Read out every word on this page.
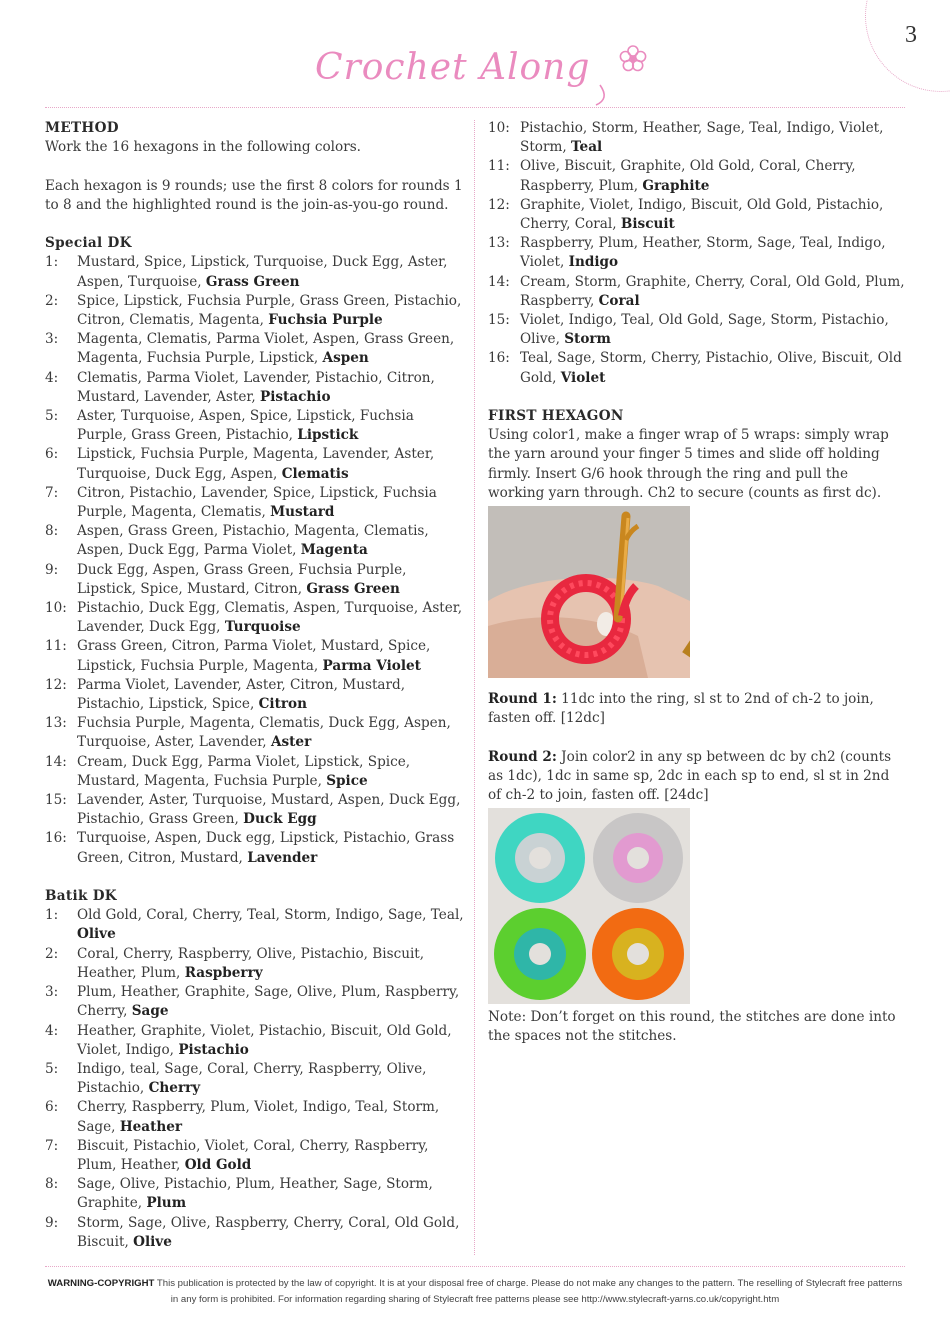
3
Crochet Along
METHOD

Work the 16 hexagons in the following colors.

Each hexagon is 9 rounds; use the first 8 colors for rounds 1 to 8 and the highlighted round is the join-as-you-go round.

Special DK
1:	Mustard, Spice, Lipstick, Turquoise, Duck Egg, Aster, Aspen, Turquoise, Grass Green
2:	Spice, Lipstick, Fuchsia Purple, Grass Green, Pistachio, Citron, Clematis, Magenta, Fuchsia Purple
3:	Magenta, Clematis, Parma Violet, Aspen, Grass Green, Magenta, Fuchsia Purple, Lipstick, Aspen
4:	Clematis, Parma Violet, Lavender, Pistachio, Citron, Mustard, Lavender, Aster, Pistachio
5:	Aster, Turquoise, Aspen, Spice, Lipstick, Fuchsia Purple, Grass Green, Pistachio, Lipstick
6:	Lipstick, Fuchsia Purple, Magenta, Lavender, Aster, Turquoise, Duck Egg, Aspen, Clematis
7:	Citron, Pistachio, Lavender, Spice, Lipstick, Fuchsia Purple, Magenta, Clematis, Mustard
8:	Aspen, Grass Green, Pistachio, Magenta, Clematis, Aspen, Duck Egg, Parma Violet, Magenta
9:	Duck Egg, Aspen, Grass Green, Fuchsia Purple, Lipstick, Spice, Mustard, Citron, Grass Green
10: Pistachio, Duck Egg, Clematis, Aspen, Turquoise, Aster, Lavender, Duck Egg, Turquoise
11: Grass Green, Citron, Parma Violet, Mustard, Spice, Lipstick, Fuchsia Purple, Magenta, Parma Violet
12: Parma Violet, Lavender, Aster, Citron, Mustard, Pistachio, Lipstick, Spice, Citron
13: Fuchsia Purple, Magenta, Clematis, Duck Egg, Aspen, Turquoise, Aster, Lavender, Aster
14: Cream, Duck Egg, Parma Violet, Lipstick, Spice, Mustard, Magenta, Fuchsia Purple, Spice
15: Lavender, Aster, Turquoise, Mustard, Aspen, Duck Egg, Pistachio, Grass Green, Duck Egg
16: Turquoise, Aspen, Duck egg, Lipstick, Pistachio, Grass Green, Citron, Mustard, Lavender
Batik DK
1:	Old Gold, Coral, Cherry, Teal, Storm, Indigo, Sage, Teal, Olive
2:	Coral, Cherry, Raspberry, Olive, Pistachio, Biscuit, Heather, Plum, Raspberry
3:	Plum, Heather, Graphite, Sage, Olive, Plum, Raspberry, Cherry, Sage
4:	Heather, Graphite, Violet, Pistachio, Biscuit, Old Gold, Violet, Indigo, Pistachio
5:	Indigo, teal, Sage, Coral, Cherry, Raspberry, Olive, Pistachio, Cherry
6:	Cherry, Raspberry, Plum, Violet, Indigo, Teal, Storm, Sage, Heather
7:	Biscuit, Pistachio, Violet, Coral, Cherry, Raspberry, Plum, Heather, Old Gold
8:	Sage, Olive, Pistachio, Plum, Heather, Sage, Storm, Graphite, Plum
9:	Storm, Sage, Olive, Raspberry, Cherry, Coral, Old Gold, Biscuit, Olive
10: Pistachio, Storm, Heather, Sage, Teal, Indigo, Violet, Storm, Teal
11: Olive, Biscuit, Graphite, Old Gold, Coral, Cherry, Raspberry, Plum, Graphite
12: Graphite, Violet, Indigo, Biscuit, Old Gold, Pistachio, Cherry, Coral, Biscuit
13: Raspberry, Plum, Heather, Storm, Sage, Teal, Indigo, Violet, Indigo
14: Cream, Storm, Graphite, Cherry, Coral, Old Gold, Plum, Raspberry, Coral
15: Violet, Indigo, Teal, Old Gold, Sage, Storm, Pistachio, Olive, Storm
16: Teal, Sage, Storm, Cherry, Pistachio, Olive, Biscuit, Old Gold, Violet
FIRST HEXAGON

Using color1, make a finger wrap of 5 wraps: simply wrap the yarn around your finger 5 times and slide off holding firmly. Insert G/6 hook through the ring and pull the working yarn through. Ch2 to secure (counts as first dc).

Round 1: 11dc into the ring, sl st to 2nd of ch-2 to join, fasten off. [12dc]

Round 2: Join color2 in any sp between dc by ch2 (counts as 1dc), 1dc in same sp, 2dc in each sp to end, sl st in 2nd of ch-2 to join, fasten off. [24dc]

Note: Don’t forget on this round, the stitches are done into the spaces not the stitches.

WARNING-COPYRIGHT This publication is protected by the law of copyright. It is at your disposal free of charge. Please do not make any changes to the pattern. The reselling of Stylecraft free patterns in any form is prohibited. For information regarding sharing of Stylecraft free patterns please see http://www.stylecraft-yarns.co.uk/copyright.htm
